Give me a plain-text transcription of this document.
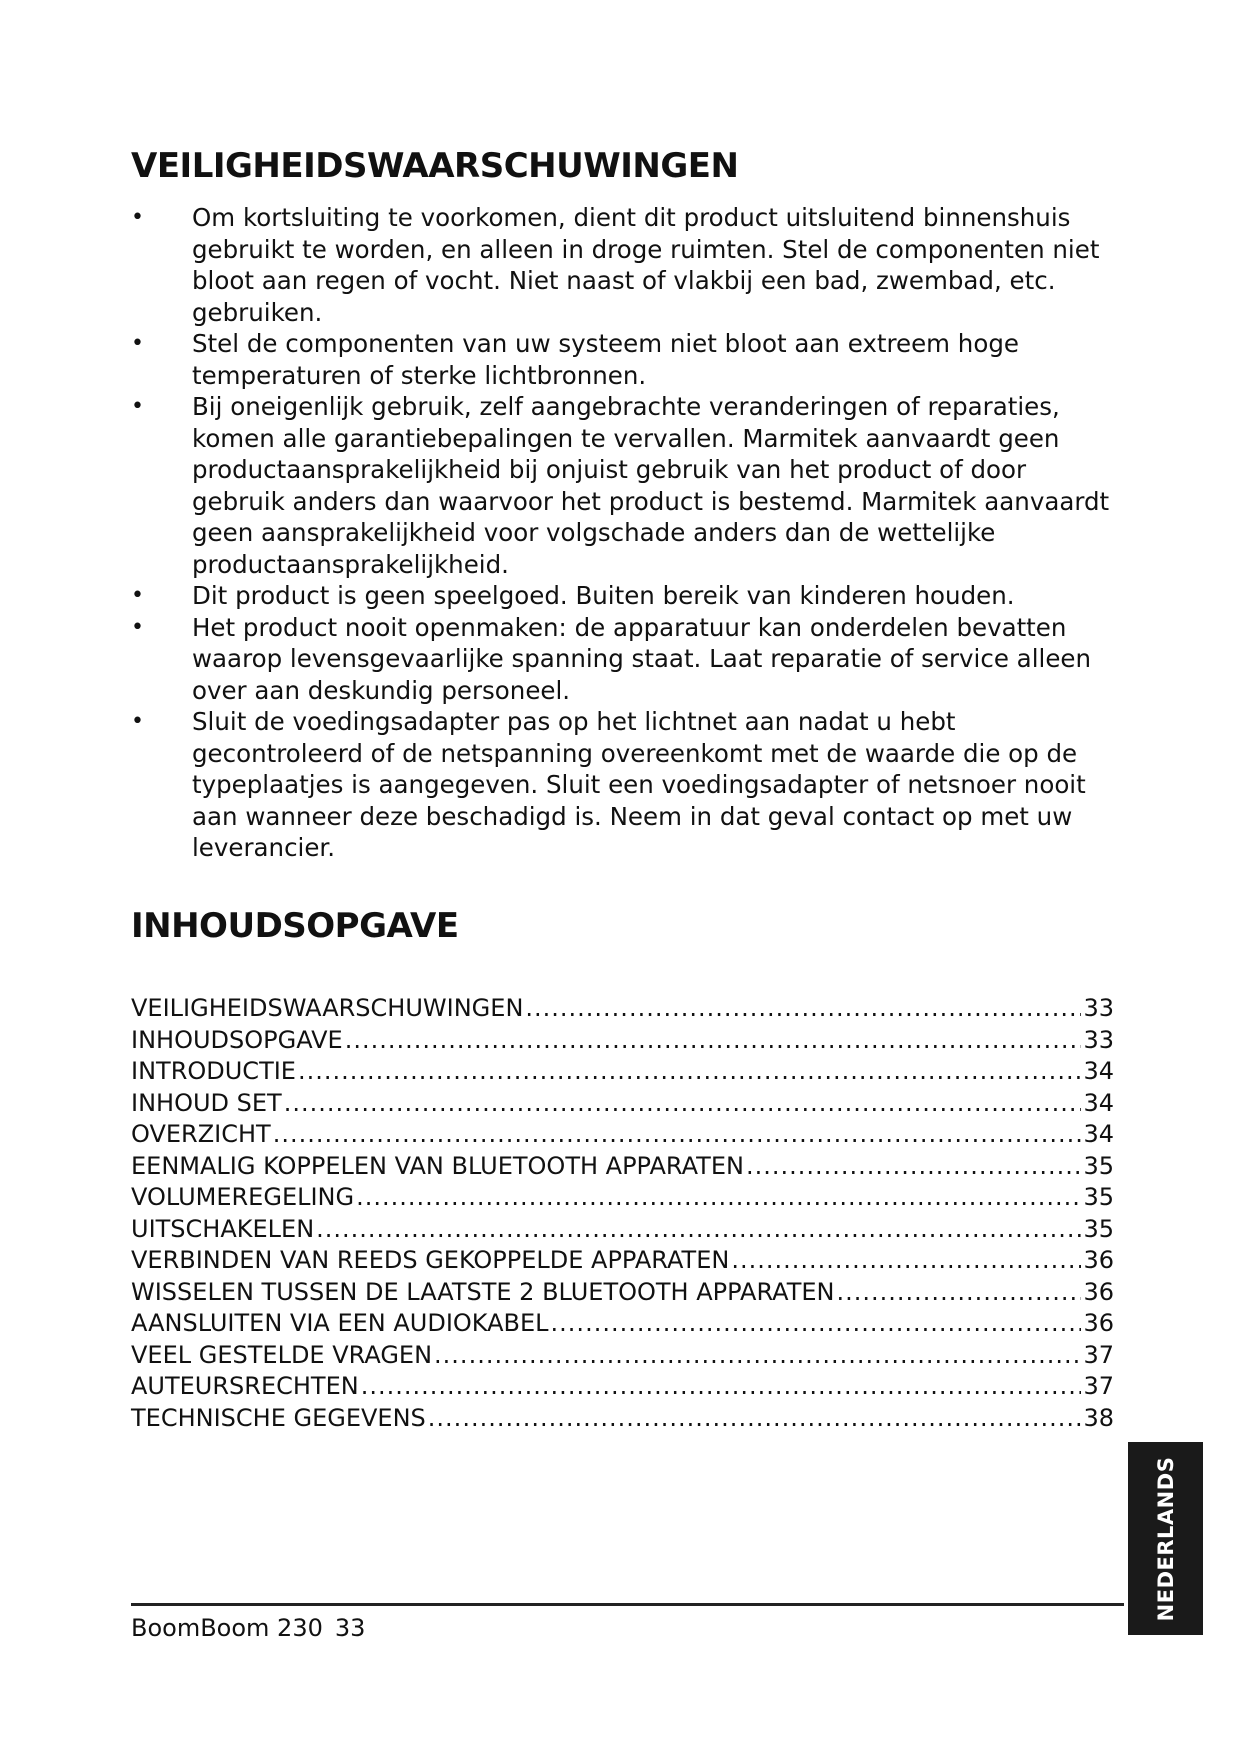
VEILIGHEIDSWAARSCHUWINGEN
• Om kortsluiting te voorkomen, dient dit product uitsluitend binnenshuis gebruikt te worden, en alleen in droge ruimten. Stel de componenten niet bloot aan regen of vocht. Niet naast of vlakbij een bad, zwembad, etc. gebruiken.
• Stel de componenten van uw systeem niet bloot aan extreem hoge temperaturen of sterke lichtbronnen.
• Bij oneigenlijk gebruik, zelf aangebrachte veranderingen of reparaties, komen alle garantiebepalingen te vervallen. Marmitek aanvaardt geen productaansprakelijkheid bij onjuist gebruik van het product of door gebruik anders dan waarvoor het product is bestemd. Marmitek aanvaardt geen aansprakelijkheid voor volgschade anders dan de wettelijke productaansprakelijkheid.
• Dit product is geen speelgoed. Buiten bereik van kinderen houden.
• Het product nooit openmaken: de apparatuur kan onderdelen bevatten waarop levensgevaarlijke spanning staat. Laat reparatie of service alleen over aan deskundig personeel.
• Sluit de voedingsadapter pas op het lichtnet aan nadat u hebt gecontroleerd of de netspanning overeenkomt met de waarde die op de typeplaatjes is aangegeven. Sluit een voedingsadapter of netsnoer nooit aan wanneer deze beschadigd is. Neem in dat geval contact op met uw leverancier.
INHOUDSOPGAVE
VEILIGHEIDSWAARSCHUWINGEN .....	33
INHOUDSOPGAVE .....	33
INTRODUCTIE .....	34
INHOUD SET .....	34
OVERZICHT .....	34
EENMALIG KOPPELEN VAN BLUETOOTH APPARATEN .....	35
VOLUMEREGELING .....	35
UITSCHAKELEN .....	35
VERBINDEN VAN REEDS GEKOPPELDE APPARATEN .....	36
WISSELEN TUSSEN DE LAATSTE 2 BLUETOOTH APPARATEN .....	36
AANSLUITEN VIA EEN AUDIOKABEL .....	36
VEEL GESTELDE VRAGEN .....	37
AUTEURSRECHTEN .....	37
TECHNISCHE GEGEVENS .....	38
BoomBoom 230 33
NEDERLANDS
